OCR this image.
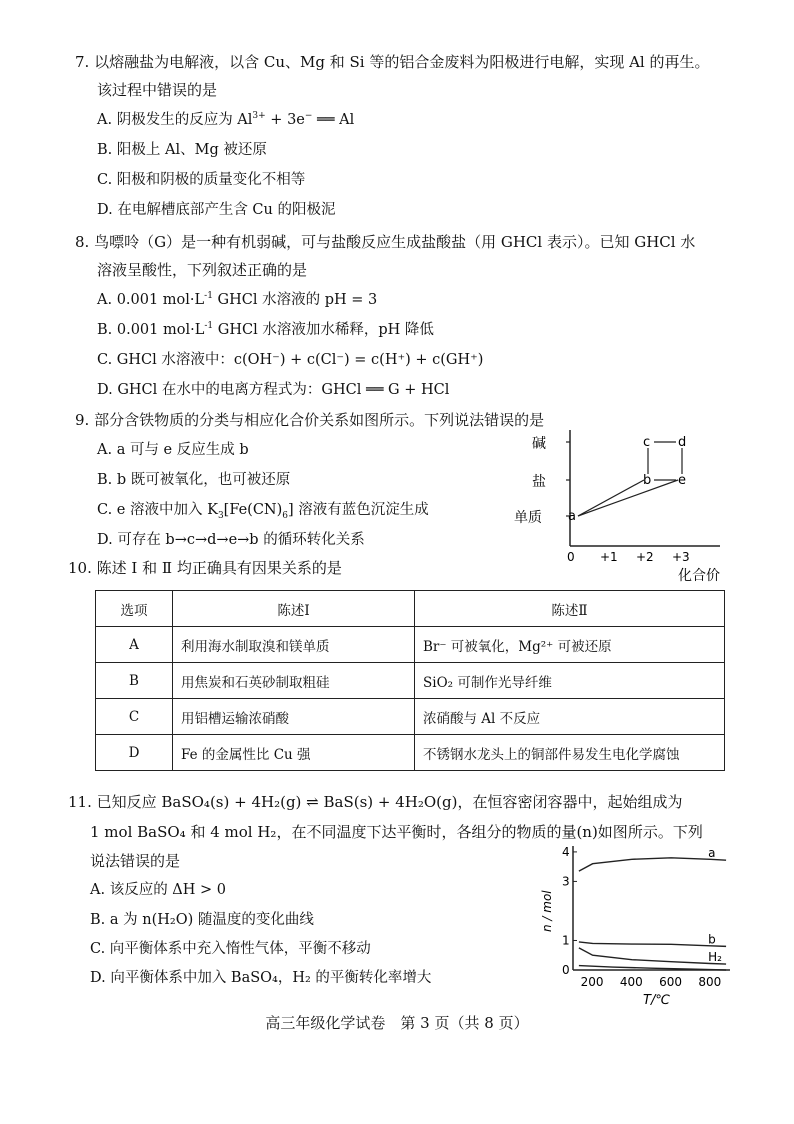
7. 以熔融盐为电解液，以含 Cu、Mg 和 Si 等的铝合金废料为阳极进行电解，实现 Al 的再生。
该过程中错误的是
A. 阴极发生的反应为 $Al^{3+} + 3e^-$ ══ Al
B. 阳极上 Al、Mg 被还原
C. 阳极和阴极的质量变化不相等
D. 在电解槽底部产生含 Cu 的阳极泥
8. 鸟嘌呤（G）是一种有机弱碱，可与盐酸反应生成盐酸盐（用 GHCl 表示）。已知 GHCl 水
溶液呈酸性，下列叙述正确的是
A. 0.001 $mol\cdot L^{-1}$ GHCl 水溶液的 pH = 3
B. 0.001 $mol\cdot L^{-1}$ GHCl 水溶液加水稀释，pH 降低
C. GHCl 水溶液中：c(OH⁻) + c(Cl⁻) = c(H⁺) + c(GH⁺)
D. GHCl 在水中的电离方程式为：GHCl ══ G + HCl
9. 部分含铁物质的分类与相应化合价关系如图所示。下列说法错误的是
A. a 可与 e 反应生成 b
B. b 既可被氧化，也可被还原
C. e 溶液中加入 $K_3[Fe(CN)_6]$ 溶液有蓝色沉淀生成
D. 可存在 b→c→d→e→b 的循环转化关系
碱
盐
单质
0 +1 +2 +3
化合价
a
b
c d
e
10. 陈述 Ⅰ 和 Ⅱ 均正确具有因果关系的是
选项	陈述Ⅰ	陈述Ⅱ
A	利用海水制取溴和镁单质	Br⁻ 可被氧化，Mg²⁺ 可被还原
B	用焦炭和石英砂制取粗硅	SiO₂ 可制作光导纤维
C	用铝槽运输浓硝酸	浓硝酸与 Al 不反应
D	Fe 的金属性比 Cu 强	不锈钢水龙头上的铜部件易发生电化学腐蚀
11. 已知反应 BaSO₄(s) + 4H₂(g) ⇌ BaS(s) + 4H₂O(g)，在恒容密闭容器中，起始组成为
1 mol BaSO₄ 和 4 mol H₂，在不同温度下达平衡时，各组分的物质的量(n)如图所示。下列
说法错误的是
A. 该反应的 ΔH > 0
B. a 为 n(H₂O) 随温度的变化曲线
C. 向平衡体系中充入惰性气体，平衡不移动
D. 向平衡体系中加入 BaSO₄，H₂ 的平衡转化率增大
n / mol
T/℃
200 400 600 800
0
1
3
4	a
b
H₂
高三年级化学试卷　第 3 页（共 8 页）
